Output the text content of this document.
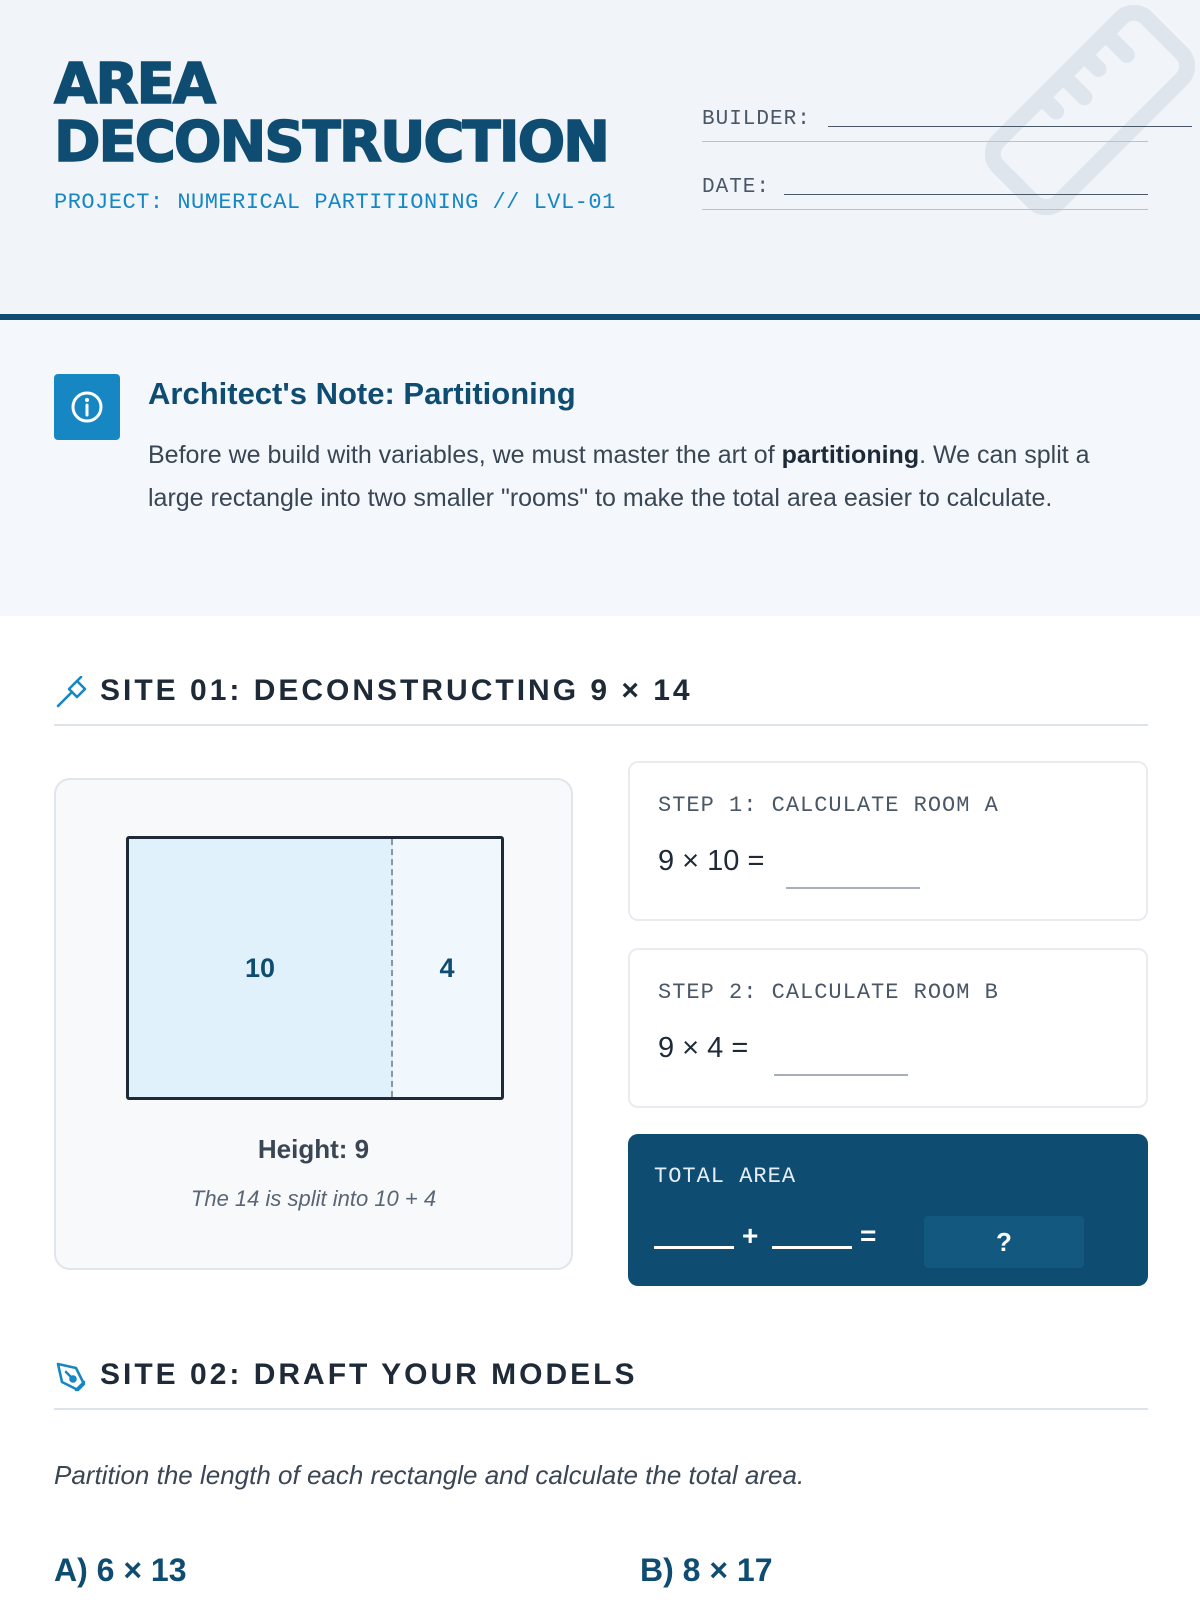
AREA
DECONSTRUCTION
PROJECT: NUMERICAL PARTITIONING // LVL-01
BUILDER:
DATE:
Architect's Note: Partitioning
Before we build with variables, we must master the art of partitioning. We can split a large rectangle into two smaller "rooms" to make the total area easier to calculate.
SITE 01: DECONSTRUCTING 9 × 14
10	4
Height: 9
The 14 is split into 10 + 4
STEP 1: CALCULATE ROOM A
9 × 10 =
STEP 2: CALCULATE ROOM B
9 × 4 =
TOTAL AREA
+	=	?
SITE 02: DRAFT YOUR MODELS
Partition the length of each rectangle and calculate the total area.
A) 6 × 13	B) 8 × 17
